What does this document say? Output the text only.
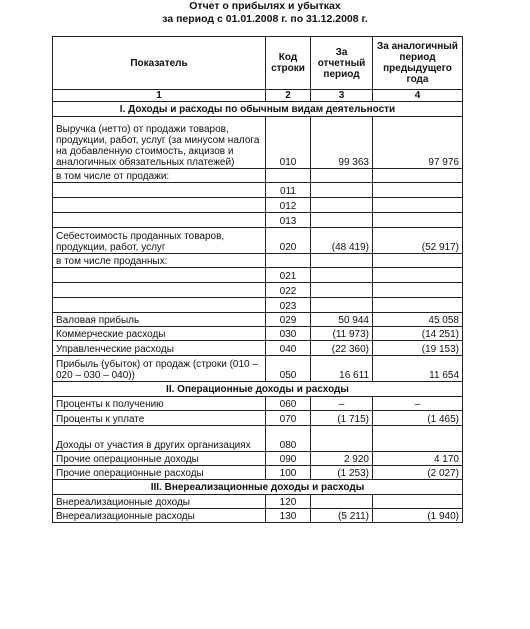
Отчет о прибылях и убытках
за период с 01.01.2008 г. по 31.12.2008 г.
Показатель	Код строки	За отчетный период	За аналогичный период предыдущего года
1	2	3	4
I. Доходы и расходы по обычным видам деятельности			
Выручка (нетто) от продажи товаров, продукции, работ, услуг (за минусом налога на добавленную стоимость, акцизов и аналогичных обязательных платежей)	010	99 363	97 976
в том числе от продажи:			
	011		
	012		
	013		
Себестоимость проданных товаров, продукции, работ, услуг	020	(48 419)	(52 917)
в том числе проданных:			
	021		
	022		
	023		
Валовая прибыль	029	50 944	45 058
Коммерческие расходы	030	(11 973)	(14 251)
Управленческие расходы	040	(22 360)	(19 153)
Прибыль (убыток) от продаж (строки (010 – 020 – 030 – 040))	050	16 611	11 654
II. Операционные доходы и расходы			
Проценты к получению	060	–	–
Проценты к уплате	070	(1 715)	(1 465)
Доходы от участия в других организациях	080		
Прочие операционные доходы	090	2 920	4 170
Прочие операционные расходы	100	(1 253)	(2 027)
III. Внереализационные доходы и расходы			
Внереализационные доходы	120		
Внереализационные расходы	130	(5 211)	(1 940)
